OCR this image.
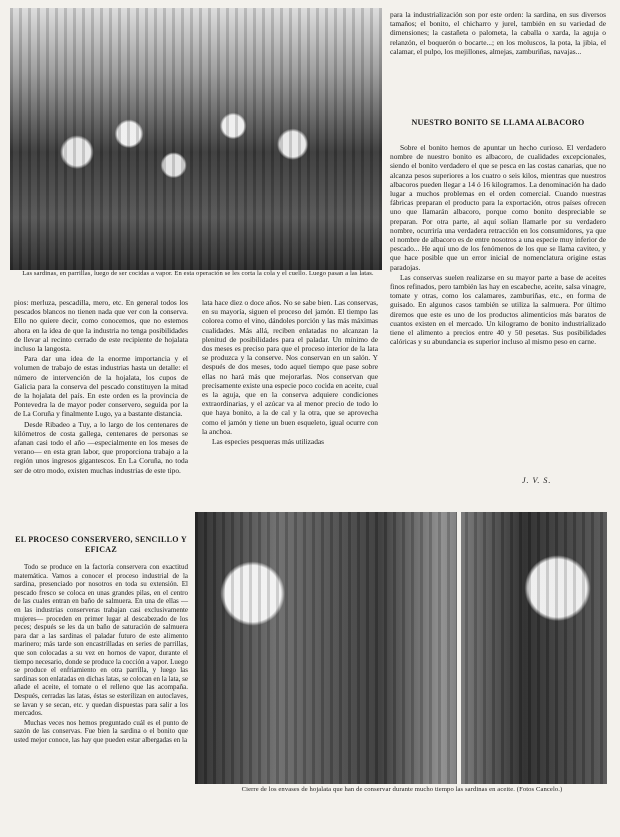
Las sardinas, en parrillas, luego de ser cocidas a vapor. En esta operación se les corta la cola y el cuello. Luego pasan a las latas.

para la industrialización son por este orden: la sardina, en sus diversos tamaños; el bonito, el chicharro y jurel, también en su variedad de dimensiones; la castañeta o palometa, la caballa o xarda, la aguja o relanzón, el boquerón o bocarte...; en los moluscos, la pota, la jibia, el calamar, el pulpo, los mejillones, almejas, zamburiñas, navajas...

NUESTRO BONITO SE LLAMA ALBACORO

Sobre el bonito hemos de apuntar un hecho curioso. El verdadero nombre de nuestro bonito es albacoro, de cualidades excepcionales, siendo el bonito verdadero el que se pesca en las costas canarias, que no alcanza pesos superiores a los cuatro o seis kilos, mientras que nuestros albacoros pueden llegar a 14 ó 16 kilogramos. La denominación ha dado lugar a muchos problemas en el orden comercial. Cuando nuestras fábricas preparan el producto para la exportación, otros países ofrecen uno que llamarán albacoro, porque como bonito despreciable se preparan. Por otra parte, al aquí solían llamarle por su verdadero nombre, ocurriría una verdadera retracción en los consumidores, ya que el nombre de albacoro es de entre nosotros a una especie muy inferior de pescado... He aquí uno de los fenómenos de los que se llama caviteo, y que hace posible que un error inicial de nomenclatura origine estas paradojas.

Las conservas suelen realizarse en su mayor parte a base de aceites finos refinados, pero también las hay en escabeche, aceite, salsa vinagre, tomate y otras, como los calamares, zamburiñas, etc., en forma de guisado. En algunos casos también se utiliza la salmuera. Por último diremos que este es uno de los productos alimenticios más baratos de cuantos existen en el mercado. Un kilogramo de bonito industrializado tiene el alimento a precios entre 40 y 50 pesetas. Sus posibilidades calóricas y su abundancia es superior incluso al mismo peso en carne.

J. V. S.

pios: merluza, pescadilla, mero, etc. En general todos los pescados blancos no tienen nada que ver con la conserva. Ello no quiere decir, como conocemos, que no estemos ahora en la idea de que la industria no tenga posibilidades de llevar al recinto cerrado de este recipiente de hojalata incluso la langosta.

Para dar una idea de la enorme importancia y el volumen de trabajo de estas industrias hasta un detalle: el número de intervención de la hojalata, los cupos de Galicia para la conserva del pescado constituyen la mitad de la hojalata del país. En este orden es la provincia de Pontevedra la de mayor poder conservero, seguida por la de La Coruña y finalmente Lugo, ya a bastante distancia.

Desde Ribadeo a Tuy, a lo largo de los centenares de kilómetros de costa gallega, centenares de personas se afanan casi todo el año —especialmente en los meses de verano— en esta gran labor, que proporciona trabajo a la región unos ingresos gigantescos. En La Coruña, no toda ser de otro modo, existen muchas industrias de este tipo.

lata hace diez o doce años. No se sabe bien. Las conservas, en su mayoría, siguen el proceso del jamón. El tiempo las colorea como el vino, dándoles porción y las más máximas cualidades. Más allá, reciben enlatadas no alcanzan la plenitud de posibilidades para el paladar. Un mínimo de dos meses es preciso para que el proceso interior de la lata se produzca y la conserve. Nos conservan en un salón. Y después de dos meses, todo aquel tiempo que pase sobre ellas no hará más que mejorarlas. Nos conservan que precisamente existe una especie poco cocida en aceite, cual es la aguja, que en la conserva adquiere condiciones extraordinarias, y el azúcar va al menor precio de todo lo que haya bonito, a la de cal y la otra, que se aprovecha como el jamón y tiene un buen esqueleto, igual ocurre con la anchoa.

Las especies pesqueras más utilizadas

EL PROCESO CONSERVERO, SENCILLO Y EFICAZ

Todo se produce en la factoría conservera con exactitud matemática. Vamos a conocer el proceso industrial de la sardina, presenciado por nosotros en toda su extensión. El pescado fresco se coloca en unas grandes pilas, en el centro de las cuales entran en baño de salmuera. En una de ellas —en las industrias conserveras trabajan casi exclusivamente mujeres— proceden en primer lugar al descabezado de los peces; después se les da un baño de saturación de salmuera para dar a las sardinas el paladar futuro de este alimento marinero; más tarde son encastrilladas en series de parrillas, que son colocadas a su vez en hornos de vapor, durante el tiempo necesario, donde se produce la cocción a vapor. Luego se produce el enfriamiento en otra parrilla, y luego las sardinas son enlatadas en dichas latas, se colocan en la lata, se añade el aceite, el tomate o el relleno que las acompaña. Después, cerradas las latas, éstas se esterilizan en autoclaves, se lavan y se secan, etc. y quedan dispuestas para salir a los mercados.

Muchas veces nos hemos preguntado cuál es el punto de sazón de las conservas. Fue bien la sardina o el bonito que usted mejor conoce, las hay que pueden estar albergadas en la

Cierre de los envases de hojalata que han de conservar durante mucho tiempo las sardinas en aceite. (Fotos Cancelo.)
